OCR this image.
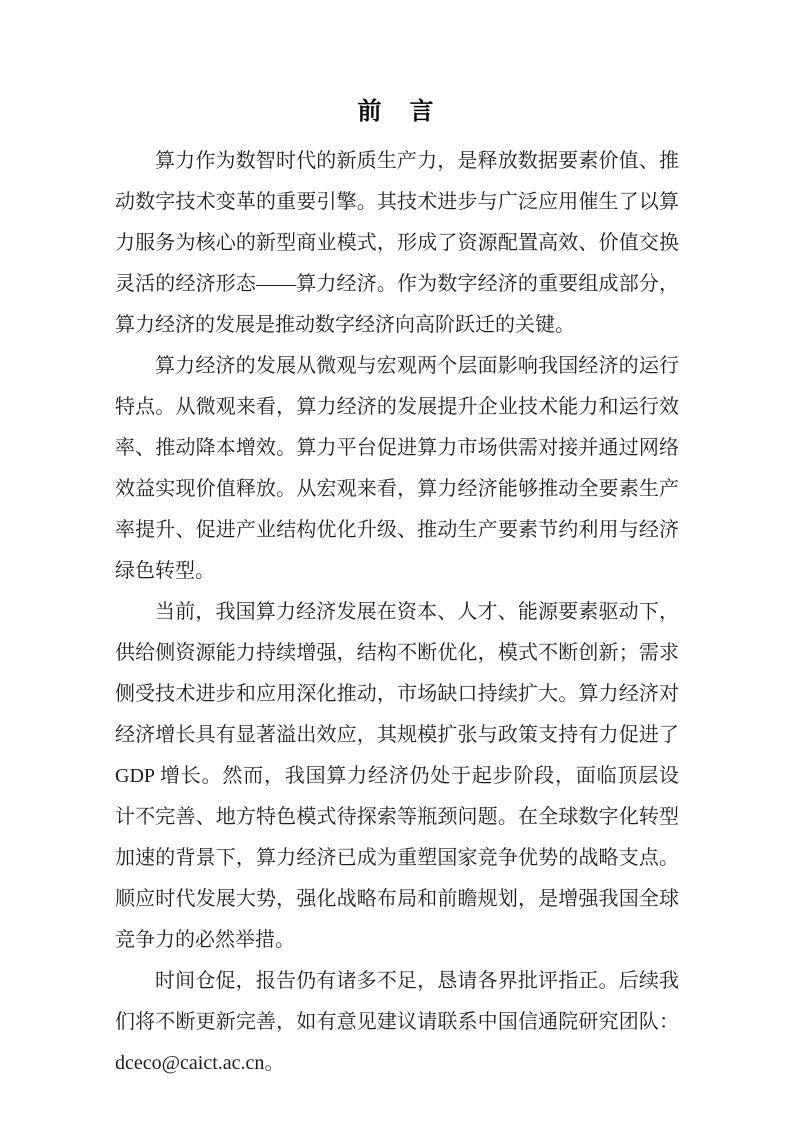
前　言

算力作为数智时代的新质生产力，是释放数据要素价值、推动数字技术变革的重要引擎。其技术进步与广泛应用催生了以算力服务为核心的新型商业模式，形成了资源配置高效、价值交换灵活的经济形态——算力经济。作为数字经济的重要组成部分，算力经济的发展是推动数字经济向高阶跃迁的关键。

算力经济的发展从微观与宏观两个层面影响我国经济的运行特点。从微观来看，算力经济的发展提升企业技术能力和运行效率、推动降本增效。算力平台促进算力市场供需对接并通过网络效益实现价值释放。从宏观来看，算力经济能够推动全要素生产率提升、促进产业结构优化升级、推动生产要素节约利用与经济绿色转型。

当前，我国算力经济发展在资本、人才、能源要素驱动下，供给侧资源能力持续增强，结构不断优化，模式不断创新；需求侧受技术进步和应用深化推动，市场缺口持续扩大。算力经济对经济增长具有显著溢出效应，其规模扩张与政策支持有力促进了 GDP 增长。然而，我国算力经济仍处于起步阶段，面临顶层设计不完善、地方特色模式待探索等瓶颈问题。在全球数字化转型加速的背景下，算力经济已成为重塑国家竞争优势的战略支点。顺应时代发展大势，强化战略布局和前瞻规划，是增强我国全球竞争力的必然举措。

时间仓促，报告仍有诸多不足，恳请各界批评指正。后续我们将不断更新完善，如有意见建议请联系中国信通院研究团队：dceco@caict.ac.cn。
